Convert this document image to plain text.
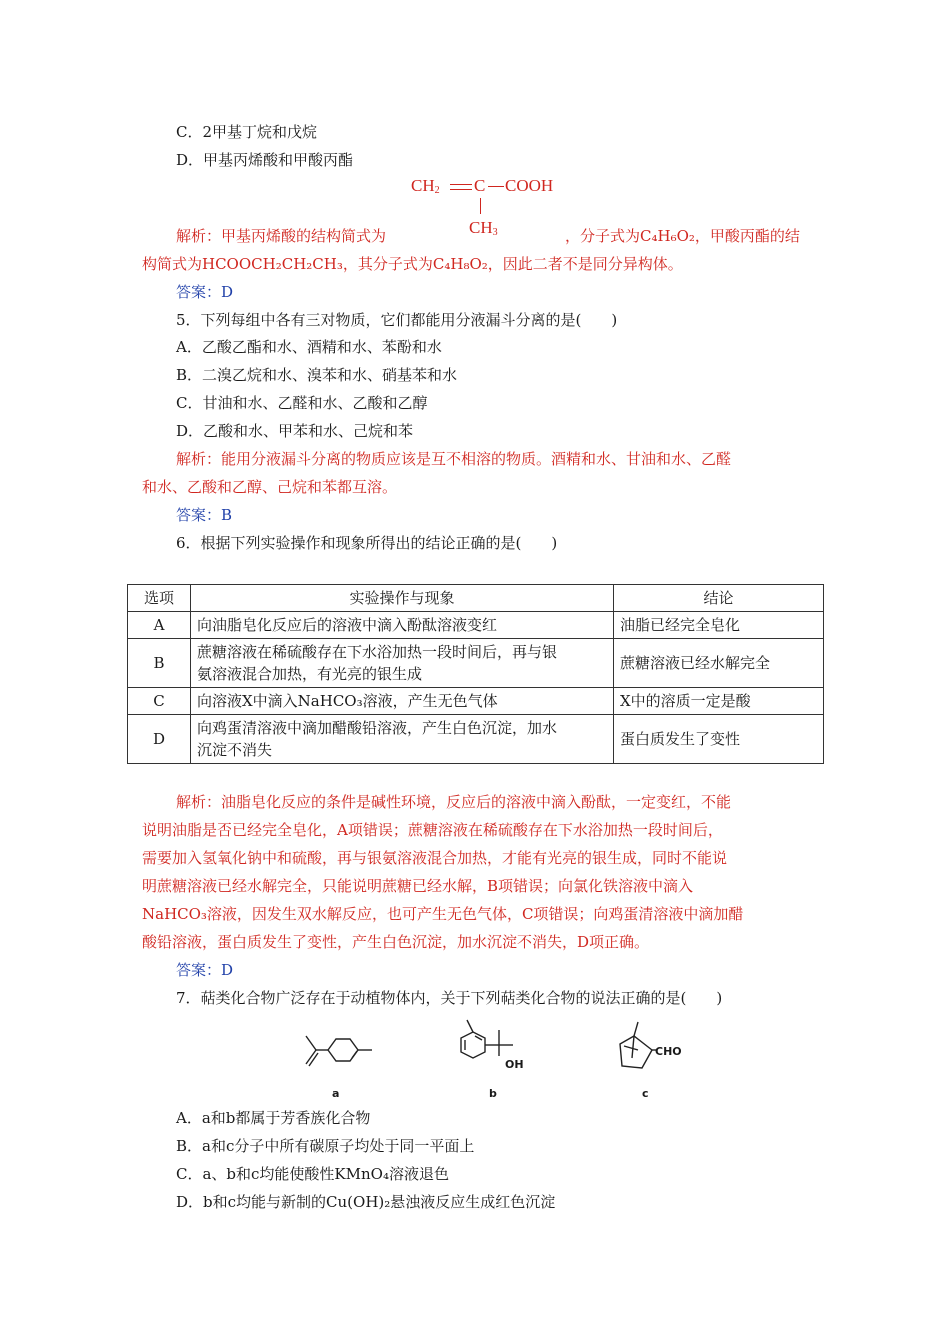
C．2甲基丁烷和戊烷
D．甲基丙烯酸和甲酸丙酯
$CH_2$ C COOH
$CH_3$
解析：甲基丙烯酸的结构简式为	，分子式为C₄H₆O₂，甲酸丙酯的结
构简式为HCOOCH₂CH₂CH₃，其分子式为C₄H₈O₂，因此二者不是同分异构体。
答案：D
5．下列每组中各有三对物质，它们都能用分液漏斗分离的是(　　)
A．乙酸乙酯和水、酒精和水、苯酚和水
B．二溴乙烷和水、溴苯和水、硝基苯和水
C．甘油和水、乙醛和水、乙酸和乙醇
D．乙酸和水、甲苯和水、己烷和苯
解析：能用分液漏斗分离的物质应该是互不相溶的物质。酒精和水、甘油和水、乙醛
和水、乙酸和乙醇、己烷和苯都互溶。
答案：B
6．根据下列实验操作和现象所得出的结论正确的是(　　)
选项	实验操作与现象	结论
A	向油脂皂化反应后的溶液中滴入酚酞溶液变红	油脂已经完全皂化
B	蔗糖溶液在稀硫酸存在下水浴加热一段时间后，再与银
氨溶液混合加热，有光亮的银生成	蔗糖溶液已经水解完全
C	向溶液X中滴入NaHCO₃溶液，产生无色气体	X中的溶质一定是酸
D	向鸡蛋清溶液中滴加醋酸铅溶液，产生白色沉淀，加水
沉淀不消失	蛋白质发生了变性
解析：油脂皂化反应的条件是碱性环境，反应后的溶液中滴入酚酞，一定变红，不能
说明油脂是否已经完全皂化，A项错误；蔗糖溶液在稀硫酸存在下水浴加热一段时间后，
需要加入氢氧化钠中和硫酸，再与银氨溶液混合加热，才能有光亮的银生成，同时不能说
明蔗糖溶液已经水解完全，只能说明蔗糖已经水解，B项错误；向氯化铁溶液中滴入
NaHCO₃溶液，因发生双水解反应，也可产生无色气体，C项错误；向鸡蛋清溶液中滴加醋
酸铅溶液，蛋白质发生了变性，产生白色沉淀，加水沉淀不消失，D项正确。
答案：D
7．萜类化合物广泛存在于动植物体内，关于下列萜类化合物的说法正确的是(　　)
a
OH
b
CHO
c
A．a和b都属于芳香族化合物
B．a和c分子中所有碳原子均处于同一平面上
C．a、b和c均能使酸性KMnO₄溶液退色
D．b和c均能与新制的Cu(OH)₂悬浊液反应生成红色沉淀
